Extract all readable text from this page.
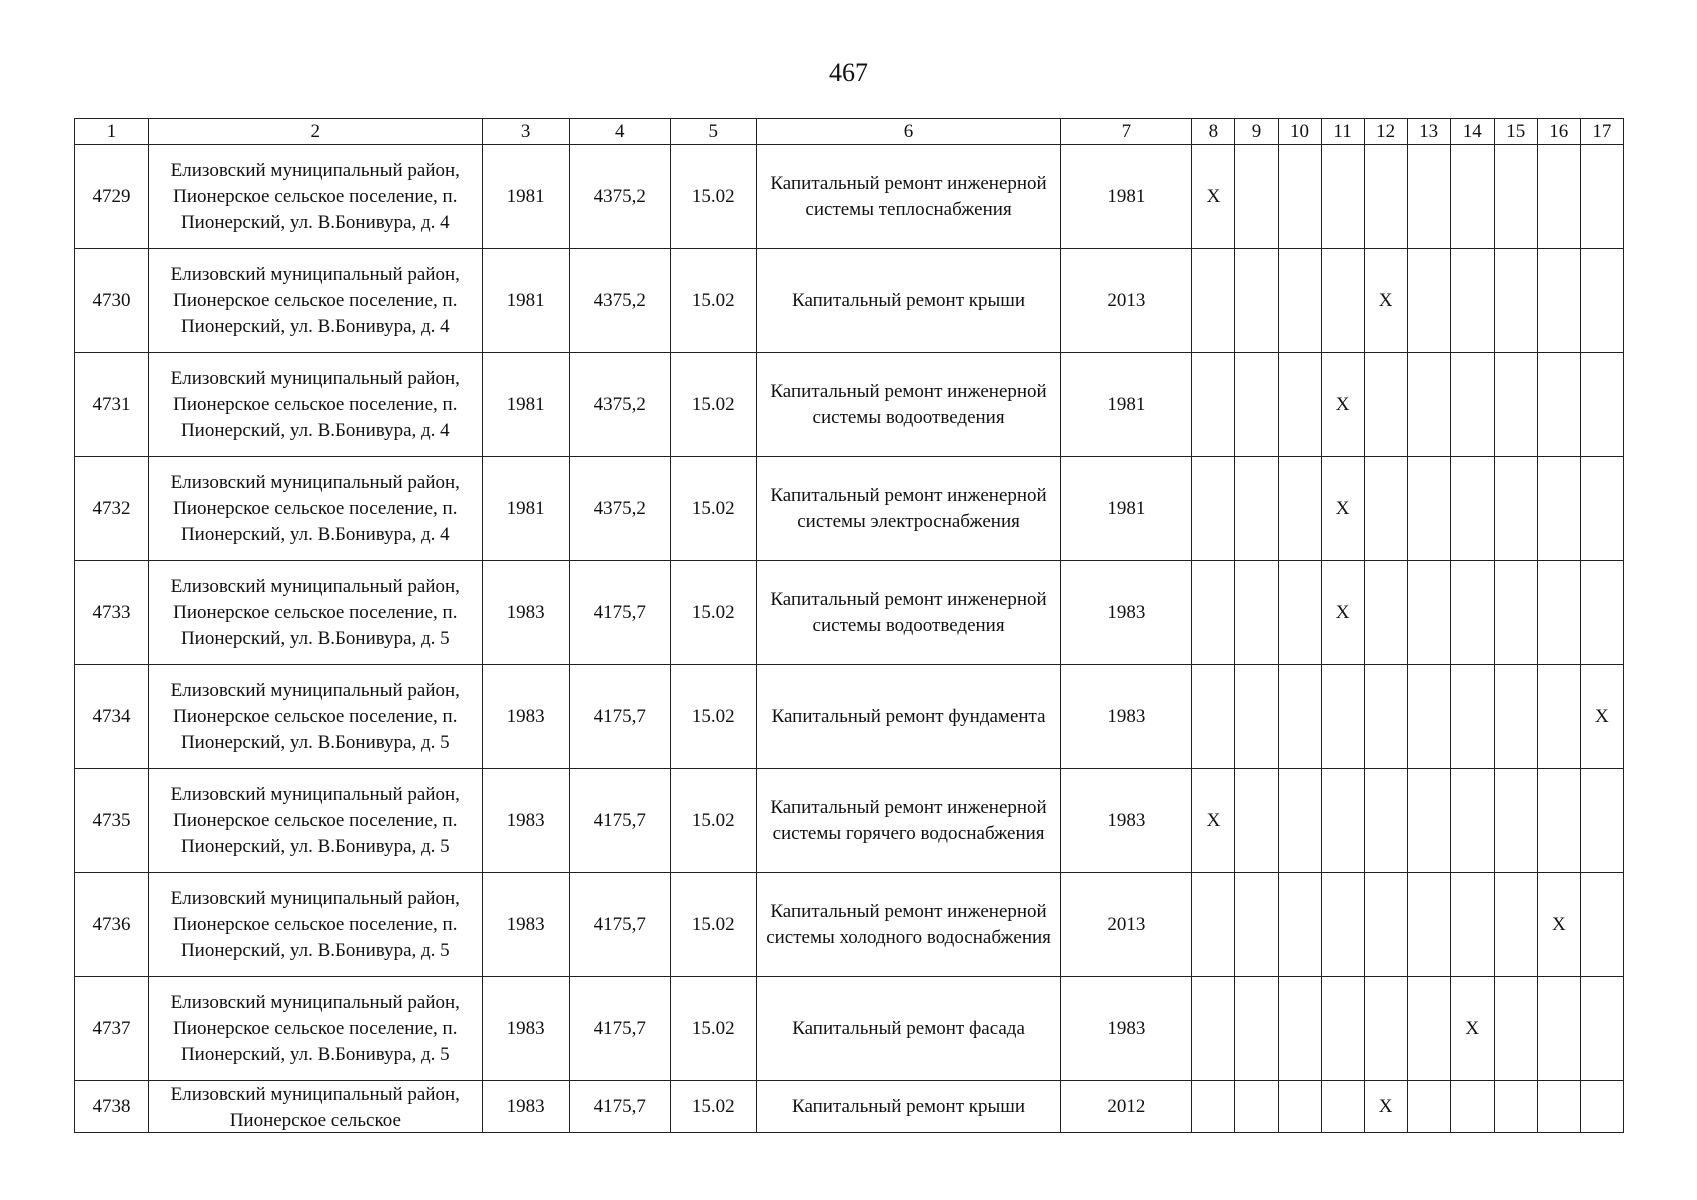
467
1	2	3	4	5	6	7	8	9	10	11	12	13	14	15	16	17
4729	Елизовский муниципальный район, Пионерское сельское поселение, п. Пионерский, ул. В.Бонивура, д. 4	1981	4375,2	15.02	Капитальный ремонт инженерной системы теплоснабжения	1981	X									
4730	Елизовский муниципальный район, Пионерское сельское поселение, п. Пионерский, ул. В.Бонивура, д. 4	1981	4375,2	15.02	Капитальный ремонт крыши	2013					X					
4731	Елизовский муниципальный район, Пионерское сельское поселение, п. Пионерский, ул. В.Бонивура, д. 4	1981	4375,2	15.02	Капитальный ремонт инженерной системы водоотведения	1981				X						
4732	Елизовский муниципальный район, Пионерское сельское поселение, п. Пионерский, ул. В.Бонивура, д. 4	1981	4375,2	15.02	Капитальный ремонт инженерной системы электроснабжения	1981				X						
4733	Елизовский муниципальный район, Пионерское сельское поселение, п. Пионерский, ул. В.Бонивура, д. 5	1983	4175,7	15.02	Капитальный ремонт инженерной системы водоотведения	1983				X						
4734	Елизовский муниципальный район, Пионерское сельское поселение, п. Пионерский, ул. В.Бонивура, д. 5	1983	4175,7	15.02	Капитальный ремонт фундамента	1983										X
4735	Елизовский муниципальный район, Пионерское сельское поселение, п. Пионерский, ул. В.Бонивура, д. 5	1983	4175,7	15.02	Капитальный ремонт инженерной системы горячего водоснабжения	1983	X									
4736	Елизовский муниципальный район, Пионерское сельское поселение, п. Пионерский, ул. В.Бонивура, д. 5	1983	4175,7	15.02	Капитальный ремонт инженерной системы холодного водоснабжения	2013									X	
4737	Елизовский муниципальный район, Пионерское сельское поселение, п. Пионерский, ул. В.Бонивура, д. 5	1983	4175,7	15.02	Капитальный ремонт фасада	1983							X			
4738	Елизовский муниципальный район, Пионерское сельское	1983	4175,7	15.02	Капитальный ремонт крыши	2012					X					
